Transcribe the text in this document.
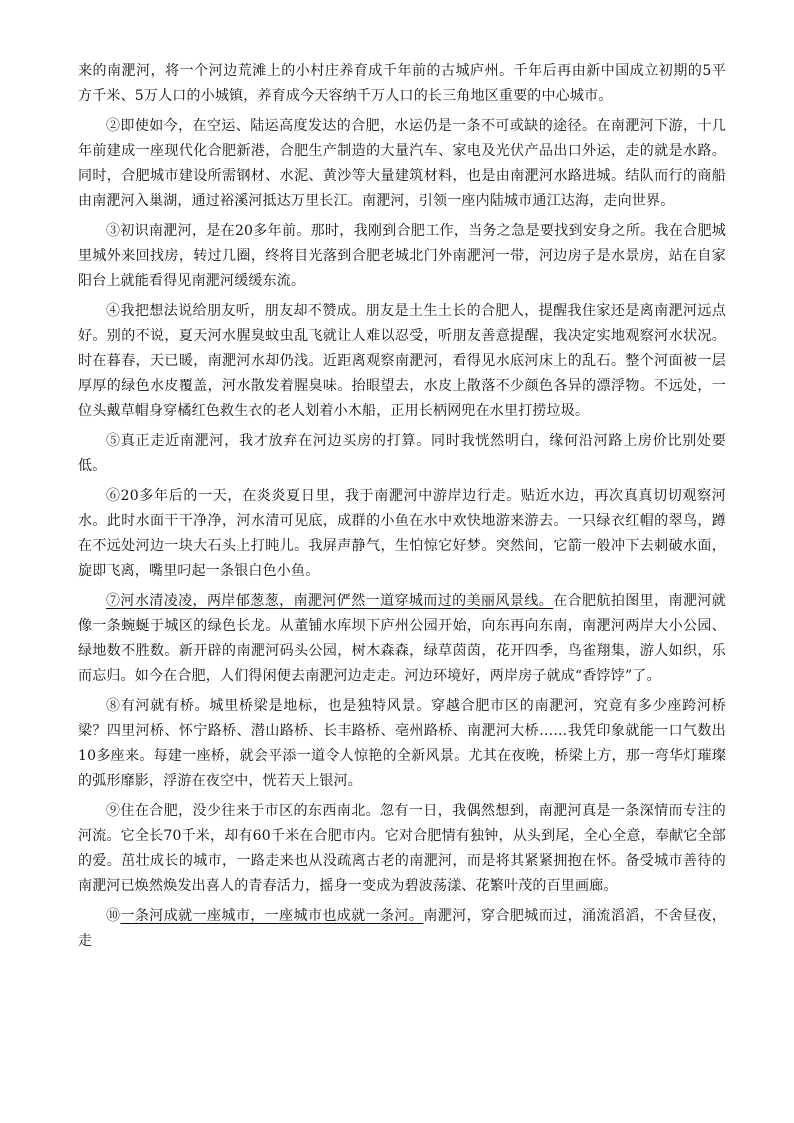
来的南淝河，将一个河边荒滩上的小村庄养育成千年前的古城庐州。千年后再由新中国成立初期的5平方千米、5万人口的小城镇，养育成今天容纳千万人口的长三角地区重要的中心城市。

②即使如今，在空运、陆运高度发达的合肥，水运仍是一条不可或缺的途径。在南淝河下游，十几年前建成一座现代化合肥新港，合肥生产制造的大量汽车、家电及光伏产品出口外运，走的就是水路。同时，合肥城市建设所需钢材、水泥、黄沙等大量建筑材料，也是由南淝河水路进城。结队而行的商船由南淝河入巢湖，通过裕溪河抵达万里长江。南淝河，引领一座内陆城市通江达海，走向世界。

③初识南淝河，是在20多年前。那时，我刚到合肥工作，当务之急是要找到安身之所。我在合肥城里城外来回找房，转过几圈，终将目光落到合肥老城北门外南淝河一带，河边房子是水景房，站在自家阳台上就能看得见南淝河缓缓东流。

④我把想法说给朋友听，朋友却不赞成。朋友是土生土长的合肥人，提醒我住家还是离南淝河远点好。别的不说，夏天河水腥臭蚊虫乱飞就让人难以忍受，听朋友善意提醒，我决定实地观察河水状况。时在暮春，天已暖，南淝河水却仍浅。近距离观察南淝河，看得见水底河床上的乱石。整个河面被一层厚厚的绿色水皮覆盖，河水散发着腥臭味。抬眼望去，水皮上散落不少颜色各异的漂浮物。不远处，一位头戴草帽身穿橘红色救生衣的老人划着小木船，正用长柄网兜在水里打捞垃圾。

⑤真正走近南淝河，我才放弃在河边买房的打算。同时我恍然明白，缘何沿河路上房价比别处要低。

⑥20多年后的一天，在炎炎夏日里，我于南淝河中游岸边行走。贴近水边，再次真真切切观察河水。此时水面干干净净，河水清可见底，成群的小鱼在水中欢快地游来游去。一只绿衣红帽的翠鸟，蹲在不远处河边一块大石头上打盹儿。我屏声静气，生怕惊它好梦。突然间，它箭一般冲下去刺破水面，旋即飞离，嘴里叼起一条银白色小鱼。

⑦河水清凌凌，两岸郁葱葱，南淝河俨然一道穿城而过的美丽风景线。在合肥航拍图里，南淝河就像一条蜿蜒于城区的绿色长龙。从董铺水库坝下庐州公园开始，向东再向东南，南淝河两岸大小公园、绿地数不胜数。新开辟的南淝河码头公园，树木森森，绿草茵茵，花开四季，鸟雀翔集，游人如织，乐而忘归。如今在合肥，人们得闲便去南淝河边走走。河边环境好，两岸房子就成“香饽饽”了。

⑧有河就有桥。城里桥梁是地标，也是独特风景。穿越合肥市区的南淝河，究竟有多少座跨河桥梁？四里河桥、怀宁路桥、潜山路桥、长丰路桥、亳州路桥、南淝河大桥……我凭印象就能一口气数出10多座来。每建一座桥，就会平添一道令人惊艳的全新风景。尤其在夜晚，桥梁上方，那一弯华灯璀璨的弧形靡影，浮游在夜空中，恍若天上银河。

⑨住在合肥，没少往来于市区的东西南北。忽有一日，我偶然想到，南淝河真是一条深情而专注的河流。它全长70千米，却有60千米在合肥市内。它对合肥情有独钟，从头到尾，全心全意，奉献它全部的爱。茁壮成长的城市，一路走来也从没疏离古老的南淝河，而是将其紧紧拥抱在怀。备受城市善待的南淝河已焕然焕发出喜人的青春活力，摇身一变成为碧波荡漾、花繁叶茂的百里画廊。

⑩一条河成就一座城市，一座城市也成就一条河。南淝河，穿合肥城而过，涌流滔滔，不舍昼夜，走
